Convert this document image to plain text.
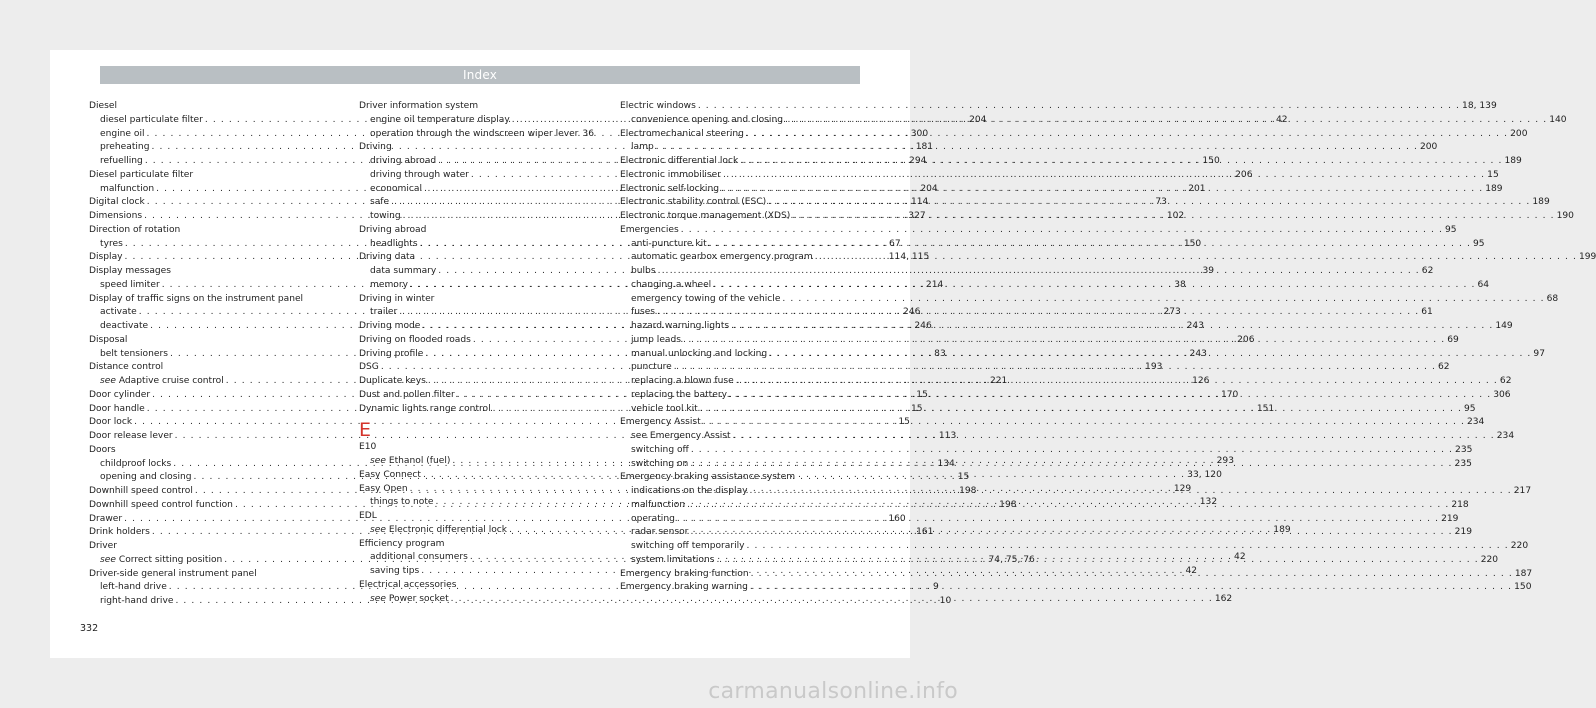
Index
Diesel
diesel particulate filter . . .	204
engine oil . . .	300
preheating . . .	181
refuelling . . .	294
Diesel particulate filter
malfunction . . .	204
Digital clock . . .	114
Dimensions . . .	327
Direction of rotation
tyres . . .	67
Display . . .	114, 115
Display messages
speed limiter . . .	214
Display of traffic signs on the instrument panel
activate . . .	246
deactivate . . .	246
Disposal
belt tensioners . . .	83
Distance control
see Adaptive cruise control . . .	221
Door cylinder . . .	15
Door handle . . .	15
Door lock . . .	15
Door release lever . . .	113
Doors
childproof locks . . .	134
opening and closing . . .	15
Downhill speed control . . .	198
Downhill speed control function . . .	198
Drawer . . .	160
Drink holders . . .	161
Driver
see Correct sitting position . . .	74, 75, 76
Driver-side general instrument panel
left-hand drive . . .	9
right-hand drive . . .	10
Driver information system
engine oil temperature display . . .	42
operation through the windscreen wiper lever 36
Driving
driving abroad . . .	150
driving through water . . .	206
economical . . .	201
safe . . .	73
towing . . .	102
Driving abroad
headlights . . .	150
Driving data
data summary . . .	39
memory . . .	38
Driving in winter
trailer . . .	273
Driving mode . . .	243
Driving on flooded roads . . .	206
Driving profile . . .	243
DSG . . .	193
Duplicate keys . . .	126
Dust and pollen filter . . .	170
Dynamic lights range control . . .	151
E
E10
see Ethanol (fuel) . . .	293
Easy Connect . . .	33, 120
Easy Open . . .	129
things to note . . .	132
EDL
see Electronic differential lock . . .	189
Efficiency program
additional consumers . . .	42
saving tips . . .	42
Electrical accessories
see Power socket . . .	162
Electric windows . . .	18, 139
convenience opening and closing . . .	140
Electromechanical steering . . .	200
lamp . . .	200
Electronic differential lock . . .	189
Electronic immobiliser . . .	15
Electronic self-locking . . .	189
Electronic stability control (ESC) . . .	189
Electronic torque management (XDS) . . .	190
Emergencies . . .	95
anti-puncture kit . . .	95
automatic gearbox emergency program . . .	199
bulbs . . .	62
changing a wheel . . .	64
emergency towing of the vehicle . . .	68
fuses . . .	61
hazard warning lights . . .	149
jump leads . . .	69
manual unlocking and locking . . .	97
puncture . . .	62
replacing a blown fuse . . .	62
replacing the battery . . .	306
vehicle tool kit . . .	95
Emergency Assist . . .	234
see Emergency Assist . . .	234
switching off . . .	235
switching on . . .	235
Emergency braking assistance system
indications on the display . . .	217
malfunction . . .	218
operating . . .	219
radar sensor . . .	219
switching off temporarily . . .	220
system limitations . . .	220
Emergency braking function . . .	187
Emergency braking warning . . .	150
332
carmanualsonline.info
